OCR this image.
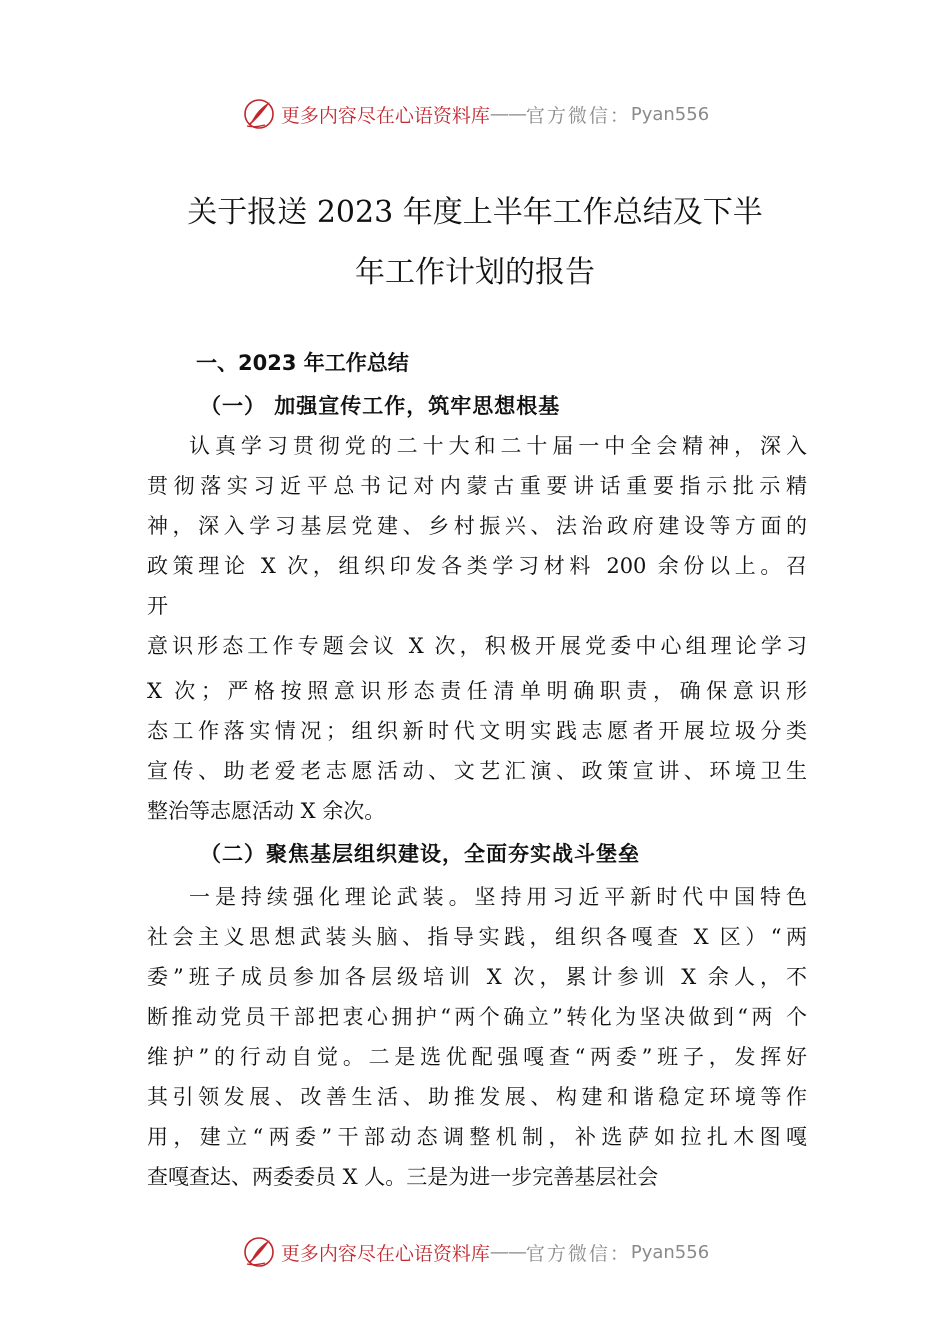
更多内容尽在心语资料库 —— 官方微信： Pyan556
关于报送 2023 年度上半年工作总结及下半
年工作计划的报告
一、2023 年工作总结
（一） 加强宣传工作，筑牢思想根基
认真学习贯彻党的二十大和二十届一中全会精神，深入
贯彻落实习近平总书记对内蒙古重要讲话重要指示批示精
神，深入学习基层党建、乡村振兴、法治政府建设等方面的
政策理论 X 次，组织印发各类学习材料 200 余份以上。召
开
意识形态工作专题会议 X 次，积极开展党委中心组理论学习
X 次；严格按照意识形态责任清单明确职责，确保意识形
态工作落实情况；组织新时代文明实践志愿者开展垃圾分类
宣传、助老爱老志愿活动、文艺汇演、政策宣讲、环境卫生
整治等志愿活动 X 余次。
（二）聚焦基层组织建设，全面夯实战斗堡垒
一是持续强化理论武装。坚持用习近平新时代中国特色
社会主义思想武装头脑、指导实践，组织各嘎查 X 区）“两
委”班子成员参加各层级培训 X 次，累计参训 X 余人，不
断推动党员干部把衷心拥护“两个确立”转化为坚决做到“两 个
维护”的行动自觉。二是选优配强嘎查“两委”班子，发挥好
其引领发展、改善生活、助推发展、构建和谐稳定环境等作
用，建立“两委”干部动态调整机制，补选萨如拉扎木图嘎
查嘎查达、两委委员 X 人。三是为进一步完善基层社会
更多内容尽在心语资料库 —— 官方微信： Pyan556
